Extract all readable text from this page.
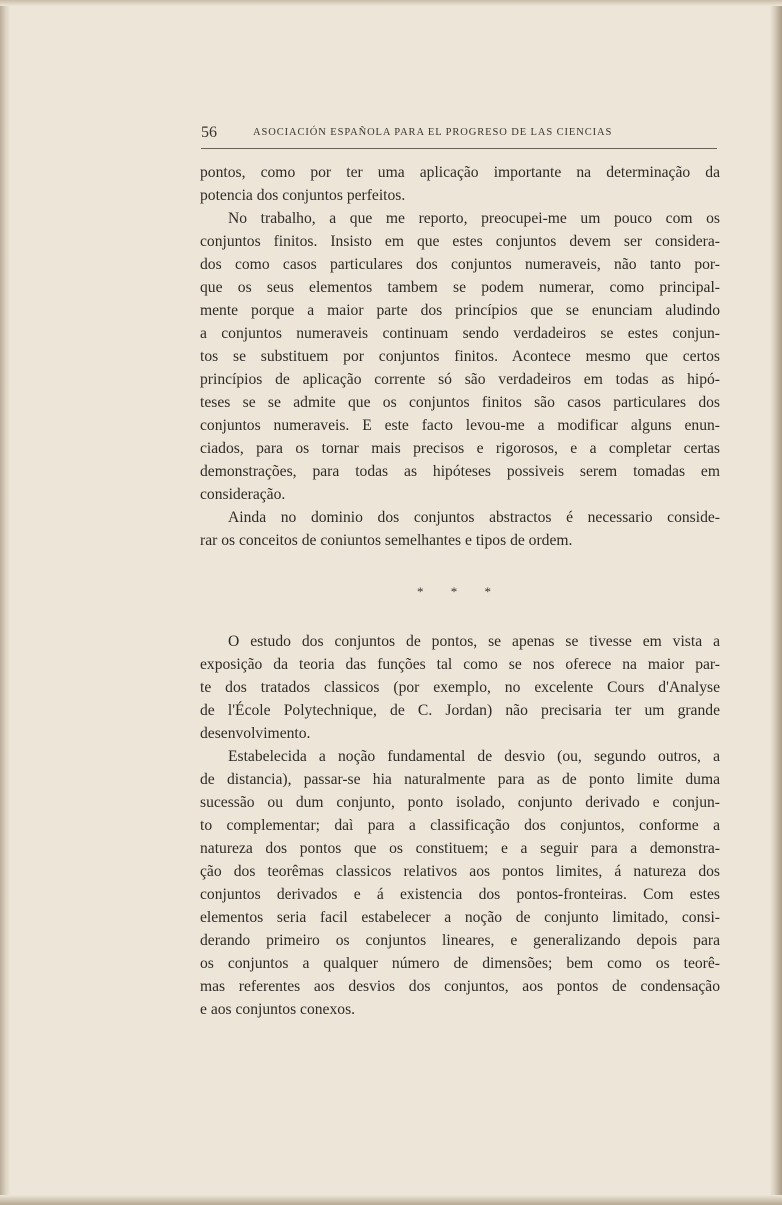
56	ASOCIACIÓN ESPAÑOLA PARA EL PROGRESO DE LAS CIENCIAS
pontos, como por ter uma aplicação importante na determinação da
potencia dos conjuntos perfeitos.
No trabalho, a que me reporto, preocupei-me um pouco com os
conjuntos finitos. Insisto em que estes conjuntos devem ser considera-
dos como casos particulares dos conjuntos numeraveis, não tanto por-
que os seus elementos tambem se podem numerar, como principal-
mente porque a maior parte dos princípios que se enunciam aludindo
a conjuntos numeraveis continuam sendo verdadeiros se estes conjun-
tos se substituem por conjuntos finitos. Acontece mesmo que certos
princípios de aplicação corrente só são verdadeiros em todas as hipó-
teses se se admite que os conjuntos finitos são casos particulares dos
conjuntos numeraveis. E este facto levou-me a modificar alguns enun-
ciados, para os tornar mais precisos e rigorosos, e a completar certas
demonstrações, para todas as hipóteses possiveis serem tomadas em
consideração.
Ainda no dominio dos conjuntos abstractos é necessario conside-
rar os conceitos de coniuntos semelhantes e tipos de ordem.
* * *
O estudo dos conjuntos de pontos, se apenas se tivesse em vista a
exposição da teoria das funções tal como se nos oferece na maior par-
te dos tratados classicos (por exemplo, no excelente Cours d'Analyse
de l'École Polytechnique, de C. Jordan) não precisaria ter um grande
desenvolvimento.
Estabelecida a noção fundamental de desvio (ou, segundo outros, a
de distancia), passar-se hia naturalmente para as de ponto limite duma
sucessão ou dum conjunto, ponto isolado, conjunto derivado e conjun-
to complementar; daì para a classificação dos conjuntos, conforme a
natureza dos pontos que os constituem; e a seguir para a demonstra-
ção dos teorêmas classicos relativos aos pontos limites, á natureza dos
conjuntos derivados e á existencia dos pontos-fronteiras. Com estes
elementos seria facil estabelecer a noção de conjunto limitado, consi-
derando primeiro os conjuntos lineares, e generalizando depois para
os conjuntos a qualquer número de dimensões; bem como os teorê-
mas referentes aos desvios dos conjuntos, aos pontos de condensação
e aos conjuntos conexos.
